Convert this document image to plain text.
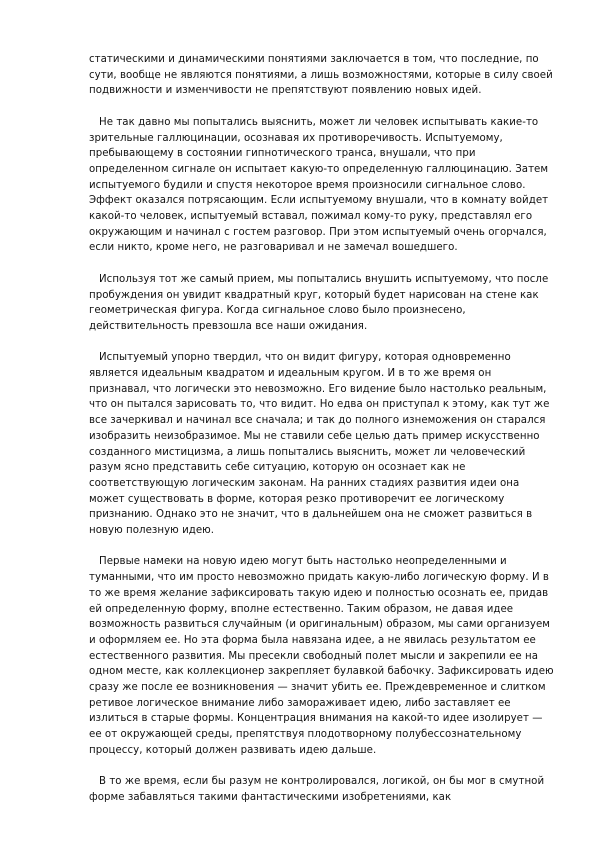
статическими и динамическими понятиями заключается в том, что последние, по сути, вообще не являются понятиями, а лишь возможностями, которые в силу своей подвижности и изменчивости не препятствуют появлению новых идей.

Не так давно мы попытались выяснить, может ли человек испытывать какие-то зрительные галлюцинации, осознавая их противоречивость. Испытуемому, пребывающему в состоянии гипнотического транса, внушали, что при определенном сигнале он испытает какую-то определенную галлюцинацию. Затем испытуемого будили и спустя некоторое время произносили сигнальное слово. Эффект оказался потрясающим. Если испытуемому внушали, что в комнату войдет какой-то человек, испытуемый вставал, пожимал кому-то руку, представлял его окружающим и начинал с гостем разговор. При этом испытуемый очень огорчался, если никто, кроме него, не разговаривал и не замечал вошедшего.

Используя тот же самый прием, мы попытались внушить испытуемому, что после пробуждения он увидит квадратный круг, который будет нарисован на стене как геометрическая фигура. Когда сигнальное слово было произнесено, действительность превзошла все наши ожидания.

Испытуемый упорно твердил, что он видит фигуру, которая одновременно является идеальным квадратом и идеальным кругом. И в то же время он признавал, что логически это невозможно. Его видение было настолько реальным, что он пытался зарисовать то, что видит. Но едва он приступал к этому, как тут же все зачеркивал и начинал все сначала; и так до полного изнеможения он старался изобразить неизобразимое. Мы не ставили себе целью дать пример искусственно созданного мистицизма, а лишь попытались выяснить, может ли человеческий разум ясно представить себе ситуацию, которую он осознает как не соответствующую логическим законам. На ранних стадиях развития идеи она может существовать в форме, которая резко противоречит ее логическому признанию. Однако это не значит, что в дальнейшем она не сможет развиться в новую полезную идею.

Первые намеки на новую идею могут быть настолько неопределенными и туманными, что им просто невозможно придать какую-либо логическую форму. И в то же время желание зафиксировать такую идею и полностью осознать ее, придав ей определенную форму, вполне естественно. Таким образом, не давая идее возможность развиться случайным (и оригинальным) образом, мы сами организуем и оформляем ее. Но эта форма была навязана идее, а не явилась результатом ее естественного развития. Мы пресекли свободный полет мысли и закрепили ее на одном месте, как коллекционер закрепляет булавкой бабочку. Зафиксировать идею сразу же после ее возникновения — значит убить ее. Преждевременное и слитком ретивое логическое внимание либо замораживает идею, либо заставляет ее излиться в старые формы. Концентрация внимания на какой-то идее изолирует — ее от окружающей среды, препятствуя плодотворному полубессознательному процессу, который должен развивать идею дальше.

В то же время, если бы разум не контролировался, логикой, он бы мог в смутной форме забавляться такими фантастическими изобретениями, как
